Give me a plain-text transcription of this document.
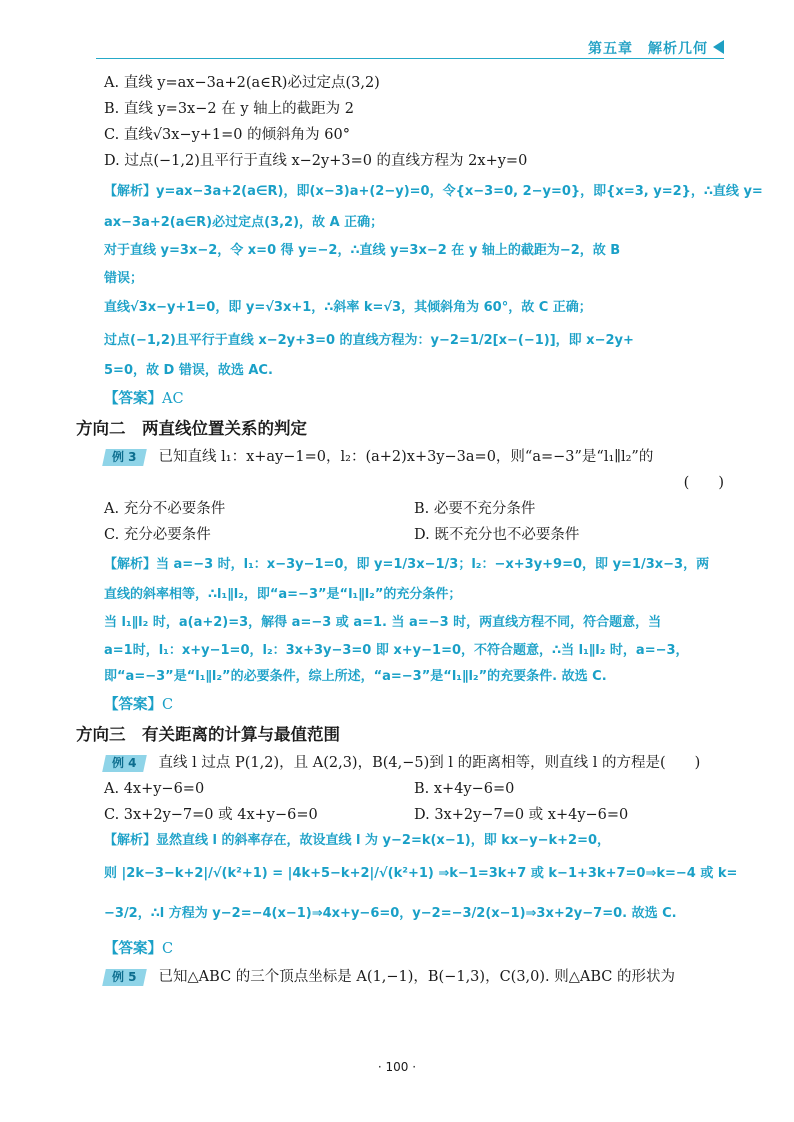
第五章　解析几何
A. 直线 y=ax−3a+2(a∈R)必过定点(3,2)
B. 直线 y=3x−2 在 y 轴上的截距为 2
C. 直线√3x−y+1=0 的倾斜角为 60°
D. 过点(−1,2)且平行于直线 x−2y+3=0 的直线方程为 2x+y=0
【解析】y=ax−3a+2(a∈R)，即(x−3)a+(2−y)=0，令{x−3=0, 2−y=0}，即{x=3, y=2}，∴直线 y=
ax−3a+2(a∈R)必过定点(3,2)，故 A 正确；
对于直线 y=3x−2，令 x=0 得 y=−2，∴直线 y=3x−2 在 y 轴上的截距为−2，故 B
错误；
直线√3x−y+1=0，即 y=√3x+1，∴斜率 k=√3，其倾斜角为 60°，故 C 正确；
过点(−1,2)且平行于直线 x−2y+3=0 的直线方程为：y−2=1/2[x−(−1)]，即 x−2y+
5=0，故 D 错误，故选 AC.
【答案】AC
方向二　两直线位置关系的判定
例 3 已知直线 l₁：x+ay−1=0，l₂：(a+2)x+3y−3a=0，则“a=−3”是“l₁∥l₂”的
(　　)
A. 充分不必要条件	B. 必要不充分条件
C. 充分必要条件	D. 既不充分也不必要条件
【解析】当 a=−3 时，l₁：x−3y−1=0，即 y=1/3x−1/3；l₂：−x+3y+9=0，即 y=1/3x−3，两
直线的斜率相等，∴l₁∥l₂，即“a=−3”是“l₁∥l₂”的充分条件；
当 l₁∥l₂ 时，a(a+2)=3，解得 a=−3 或 a=1. 当 a=−3 时，两直线方程不同，符合题意，当
a=1时，l₁：x+y−1=0，l₂：3x+3y−3=0 即 x+y−1=0，不符合题意，∴当 l₁∥l₂ 时，a=−3，
即“a=−3”是“l₁∥l₂”的必要条件，综上所述，“a=−3”是“l₁∥l₂”的充要条件. 故选 C.
【答案】C
方向三　有关距离的计算与最值范围
例 4 直线 l 过点 P(1,2)，且 A(2,3)，B(4,−5)到 l 的距离相等，则直线 l 的方程是(　　)
A. 4x+y−6=0	B. x+4y−6=0
C. 3x+2y−7=0 或 4x+y−6=0	D. 3x+2y−7=0 或 x+4y−6=0
【解析】显然直线 l 的斜率存在，故设直线 l 为 y−2=k(x−1)，即 kx−y−k+2=0，
则 |2k−3−k+2|/√(k²+1) = |4k+5−k+2|/√(k²+1) ⇒k−1=3k+7 或 k−1+3k+7=0⇒k=−4 或 k=
−3/2，∴l 方程为 y−2=−4(x−1)⇒4x+y−6=0，y−2=−3/2(x−1)⇒3x+2y−7=0. 故选 C.
【答案】C
例 5 已知△ABC 的三个顶点坐标是 A(1,−1)，B(−1,3)，C(3,0). 则△ABC 的形状为
· 100 ·
